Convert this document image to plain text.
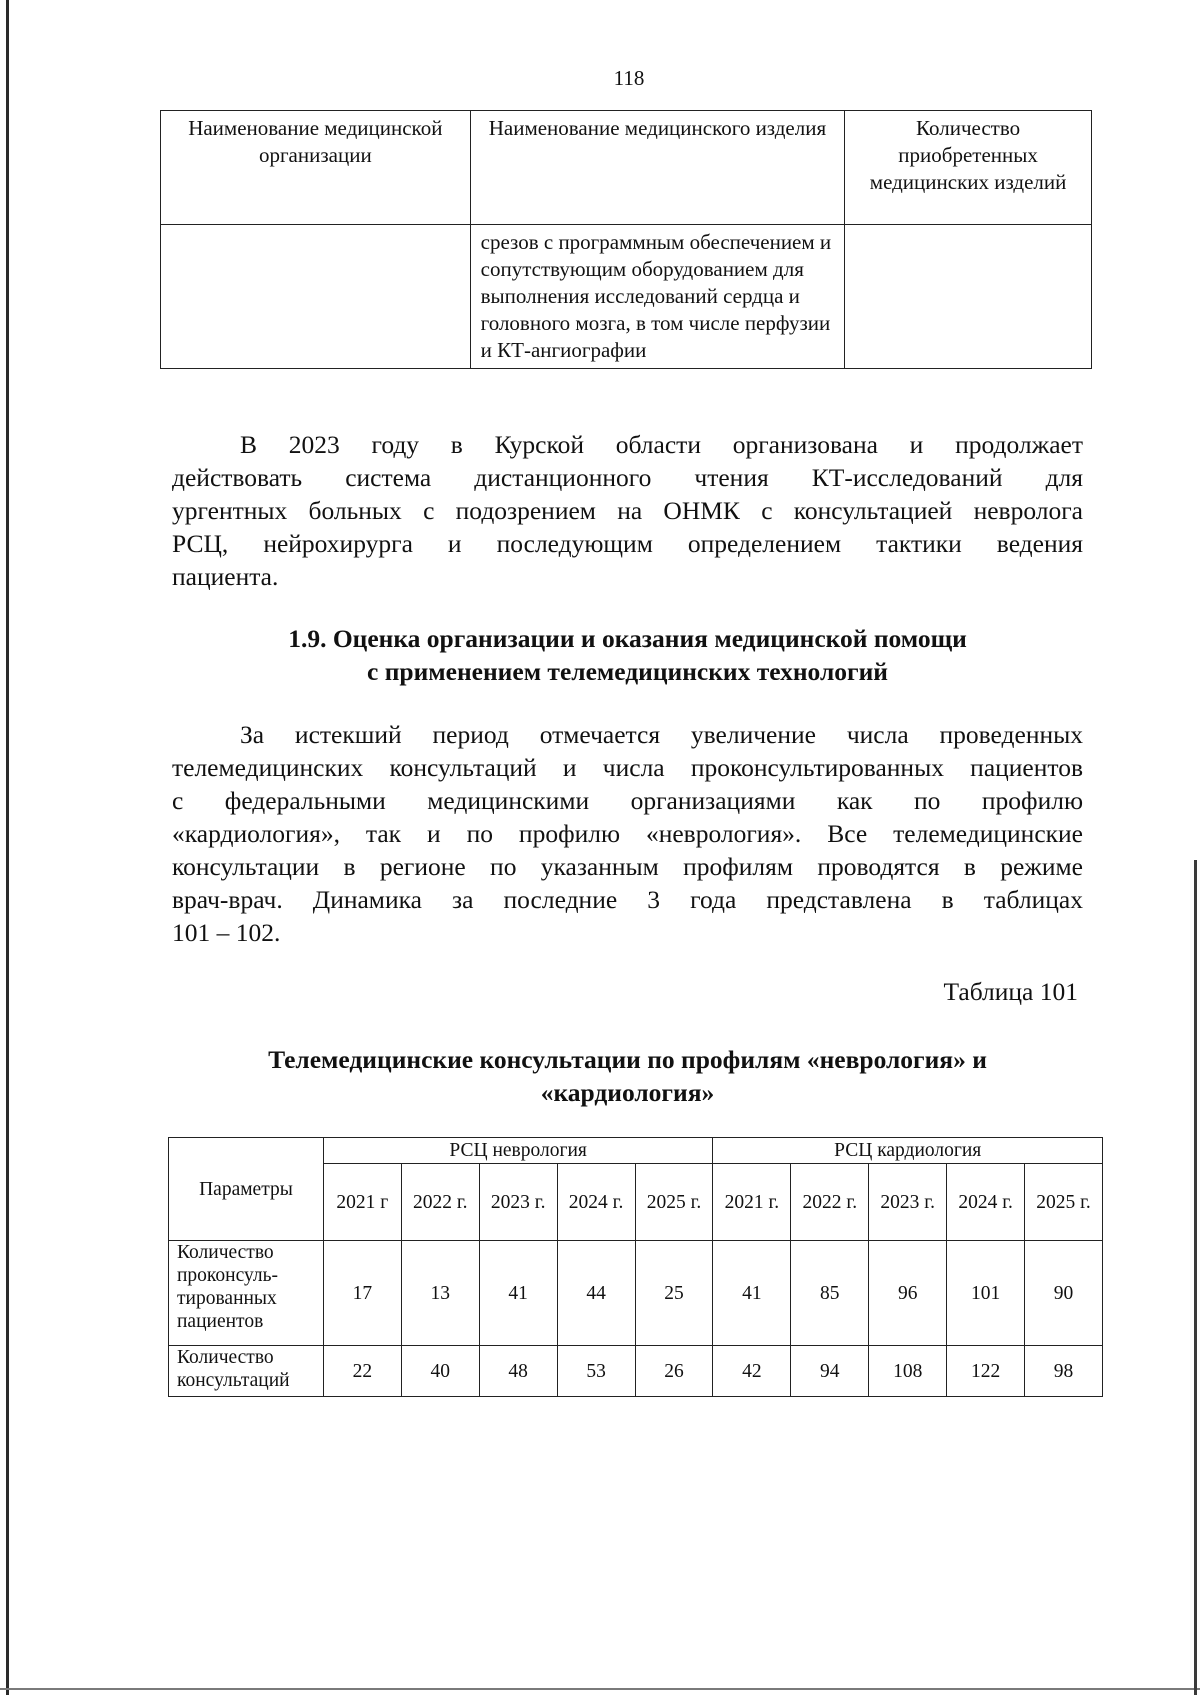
118
Наименование медицинской организации	Наименование медицинского изделия	Количество приобретенных медицинских изделий
	срезов с программным обеспечением и сопутствующим оборудованием для выполнения исследований сердца и головного мозга, в том числе перфузии и КТ-ангиографии	
В 2023 году в Курской области организована и продолжает
действовать система дистанционного чтения КТ-исследований для
ургентных больных с подозрением на ОНМК с консультацией невролога
РСЦ, нейрохирурга и последующим определением тактики ведения
пациента.
1.9. Оценка организации и оказания медицинской помощи
с применением телемедицинских технологий
За истекший период отмечается увеличение числа проведенных
телемедицинских консультаций и числа проконсультированных пациентов
с федеральными медицинскими организациями как по профилю
«кардиология», так и по профилю «неврология». Все телемедицинские
консультации в регионе по указанным профилям проводятся в режиме
врач-врач. Динамика за последние 3 года представлена в таблицах
101 – 102.
Таблица 101
Телемедицинские консультации по профилям «неврология» и
«кардиология»
Параметры	РСЦ неврология					РСЦ кардиология				
	2021 г	2022 г.	2023 г.	2024 г.	2025 г.	2021 г.	2022 г.	2023 г.	2024 г.	2025 г.

Количество
проконсуль-
тированных
пациентов	17	13	41	44	25	41	85	96	101	90

Количество
консультаций	22	40	48	53	26	42	94	108	122	98
